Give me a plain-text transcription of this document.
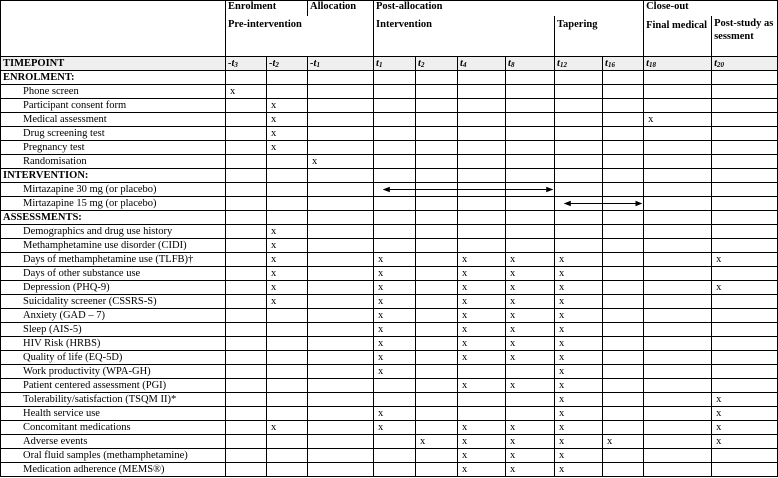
	Enrolment		Allocation	Post-allocation						Close-out	
	Pre-intervention			Intervention				Tapering		Final medical	Post-study assessment
TIMEPOINT	$-t_3$	$-t_2$	$-t_1$	$t_1$	$t_2$	$t_4$	$t_8$	$t_{12}$	$t_{16}$	$t_{18}$	$t_{20}$
ENROLMENT:											
Phone screen	x										
Participant consent form		x									
Medical assessment		x								x	
Drug screening test		x									
Pregnancy test		x									
Randomisation			x								
INTERVENTION:											
Mirtazapine 30 mg (or placebo)											
Mirtazapine 15 mg (or placebo)											
ASSESSMENTS:											
Demographics and drug use history		x									
Methamphetamine use disorder (CIDI)		x									
Days of methamphetamine use (TLFB)†		x		x		x	x	x			x
Days of other substance use		x		x		x	x	x			
Depression (PHQ-9)		x		x		x	x	x			x
Suicidality screener (CSSRS-S)		x		x		x	x	x			
Anxiety (GAD – 7)				x		x	x	x			
Sleep (AIS-5)				x		x	x	x			
HIV Risk (HRBS)				x		x	x	x			
Quality of life (EQ-5D)				x		x	x	x			
Work productivity (WPA-GH)				x				x			
Patient centered assessment (PGI)						x	x	x			
Tolerability/satisfaction (TSQM II)*								x			x
Health service use				x				x			x
Concomitant medications		x		x		x	x	x			x
Adverse events					x	x	x	x	x		x
Oral fluid samples (methamphetamine)						x	x	x			
Medication adherence (MEMS®)						x	x	x			
